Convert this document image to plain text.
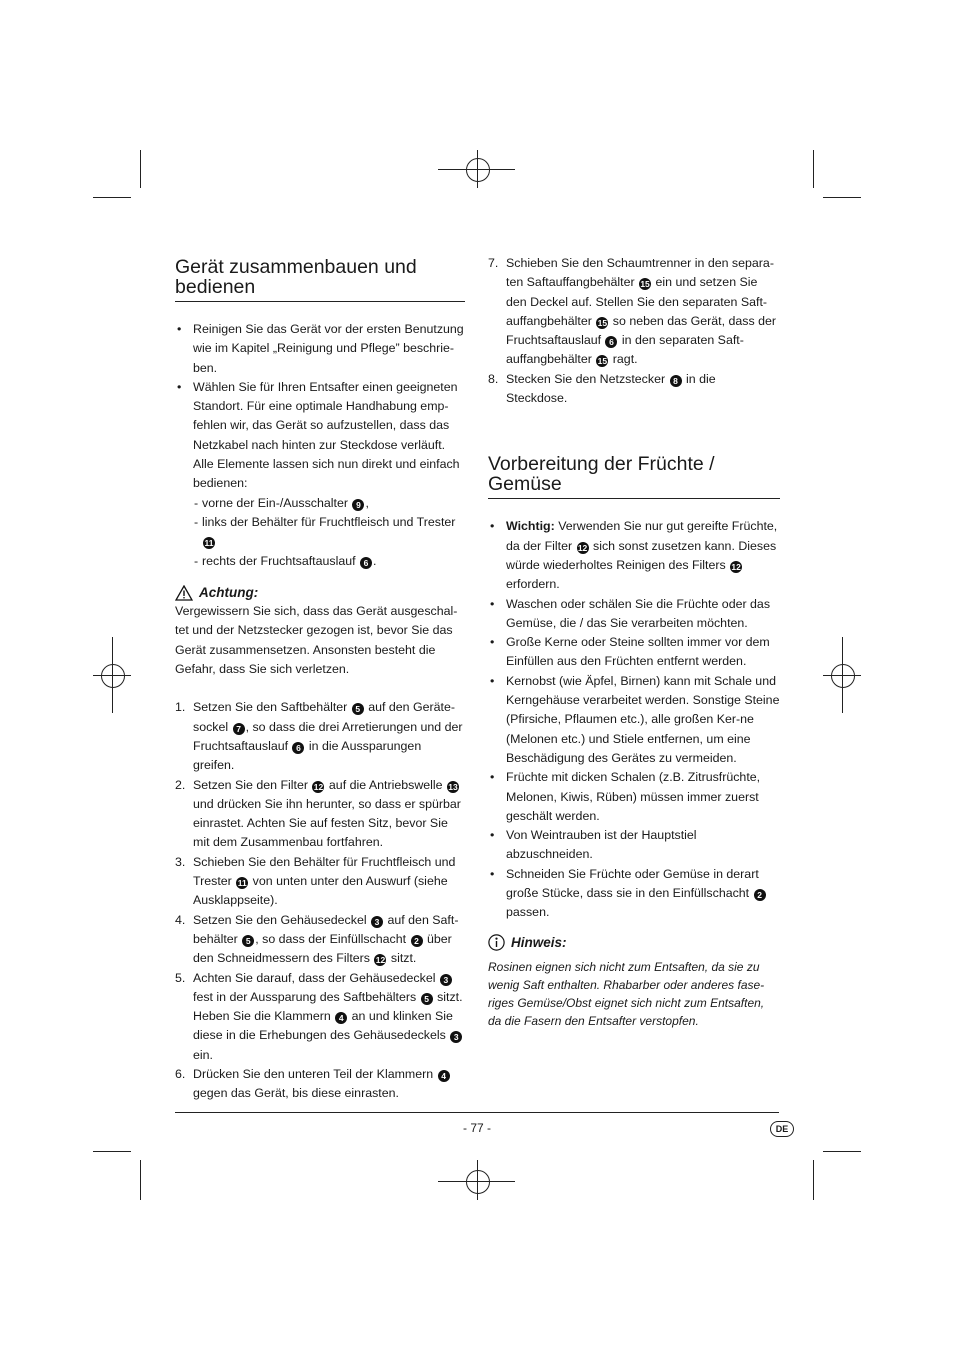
Gerät zusammenbauen und bedienen
• Reinigen Sie das Gerät vor der ersten Benutzung wie im Kapitel „Reinigung und Pflege” beschrie-ben.
• Wählen Sie für Ihren Entsafter einen geeigneten Standort. Für eine optimale Handhabung emp-fehlen wir, das Gerät so aufzustellen, dass das Netzkabel nach hinten zur Steckdose verläuft. Alle Elemente lassen sich nun direkt und einfach bedienen:
- vorne der Ein-/Ausschalter 9 ,
- links der Behälter für Fruchtfleisch und Trester 11
- rechts der Fruchtsaftauslauf 6 .
Achtung:
Vergewissern Sie sich, dass das Gerät ausgeschal-tet und der Netzstecker gezogen ist, bevor Sie das Gerät zusammensetzen. Ansonsten besteht die Gefahr, dass Sie sich verletzen.
1. Setzen Sie den Saftbehälter 5 auf den Geräte-sockel 7 , so dass die drei Arretierungen und der Fruchtsaftauslauf 6 in die Aussparungen greifen.
2. Setzen Sie den Filter 12 auf die Antriebswelle 13 und drücken Sie ihn herunter, so dass er spürbar einrastet. Achten Sie auf festen Sitz, bevor Sie mit dem Zusammenbau fortfahren.
3. Schieben Sie den Behälter für Fruchtfleisch und Trester 11 von unten unter den Auswurf (siehe Ausklappseite).
4. Setzen Sie den Gehäusedeckel 3 auf den Saft-behälter 5 , so dass der Einfüllschacht 2 über den Schneidmessern des Filters 12 sitzt.
5. Achten Sie darauf, dass der Gehäusedeckel 3 fest in der Aussparung des Saftbehälters 5 sitzt. Heben Sie die Klammern 4 an und klinken Sie diese in die Erhebungen des Gehäusedeckels 3 ein.
6. Drücken Sie den unteren Teil der Klammern 4 gegen das Gerät, bis diese einrasten.
7. Schieben Sie den Schaumtrenner in den separa-ten Saftauffangbehälter 15 ein und setzen Sie den Deckel auf. Stellen Sie den separaten Saft-auffangbehälter 15 so neben das Gerät, dass der Fruchtsaftauslauf 6 in den separaten Saft-auffangbehälter 15 ragt.
8. Stecken Sie den Netzstecker 8 in die Steckdose.
Vorbereitung der Früchte / Gemüse
• Wichtig: Verwenden Sie nur gut gereifte Früchte, da der Filter 12 sich sonst zusetzen kann. Dieses würde wiederholtes Reinigen des Filters 12 erfordern.
• Waschen oder schälen Sie die Früchte oder das Gemüse, die / das Sie verarbeiten möchten.
• Große Kerne oder Steine sollten immer vor dem Einfüllen aus den Früchten entfernt werden.
• Kernobst (wie Äpfel, Birnen) kann mit Schale und Kerngehäuse verarbeitet werden. Sonstige Steine (Pfirsiche, Pflaumen etc.), alle großen Ker-ne (Melonen etc.) und Stiele entfernen, um eine Beschädigung des Gerätes zu vermeiden.
• Früchte mit dicken Schalen (z.B. Zitrusfrüchte, Melonen, Kiwis, Rüben) müssen immer zuerst geschält werden.
• Von Weintrauben ist der Hauptstiel abzuschneiden.
• Schneiden Sie Früchte oder Gemüse in derart große Stücke, dass sie in den Einfüllschacht 2 passen.
Hinweis:
Rosinen eignen sich nicht zum Entsaften, da sie zu wenig Saft enthalten. Rhabarber oder anderes fase-riges Gemüse/Obst eignet sich nicht zum Entsaften, da die Fasern den Entsafter verstopfen.
- 77 -	DE
